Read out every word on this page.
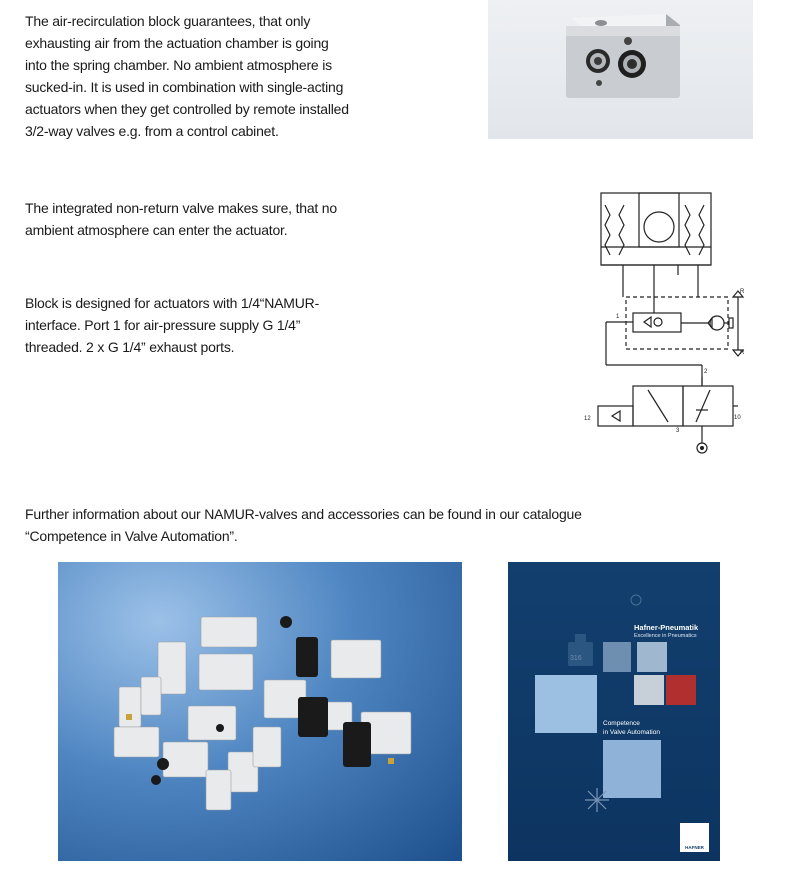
The air-recirculation block guarantees, that only
exhausting air from the actuation chamber is going
into the spring chamber. No ambient atmosphere is
sucked-in. It is used in combination with single-acting
actuators when they get controlled by remote installed
3/2-way valves e.g. from a control cabinet.
The integrated non-return valve makes sure, that no
ambient atmosphere can enter the actuator.
Block is designed for actuators with 1/4“NAMUR-
interface. Port 1 for air-pressure supply G 1/4”
threaded. 2 x G 1/4” exhaust ports.
Further information about our NAMUR-valves and accessories can be found in our catalogue
“Competence in Valve Automation”.
1
2
3
10
12
R
R
316
Hafner-Pneumatik
Excellence in Pneumatics
Competence
in Valve Automation
HAFNER
